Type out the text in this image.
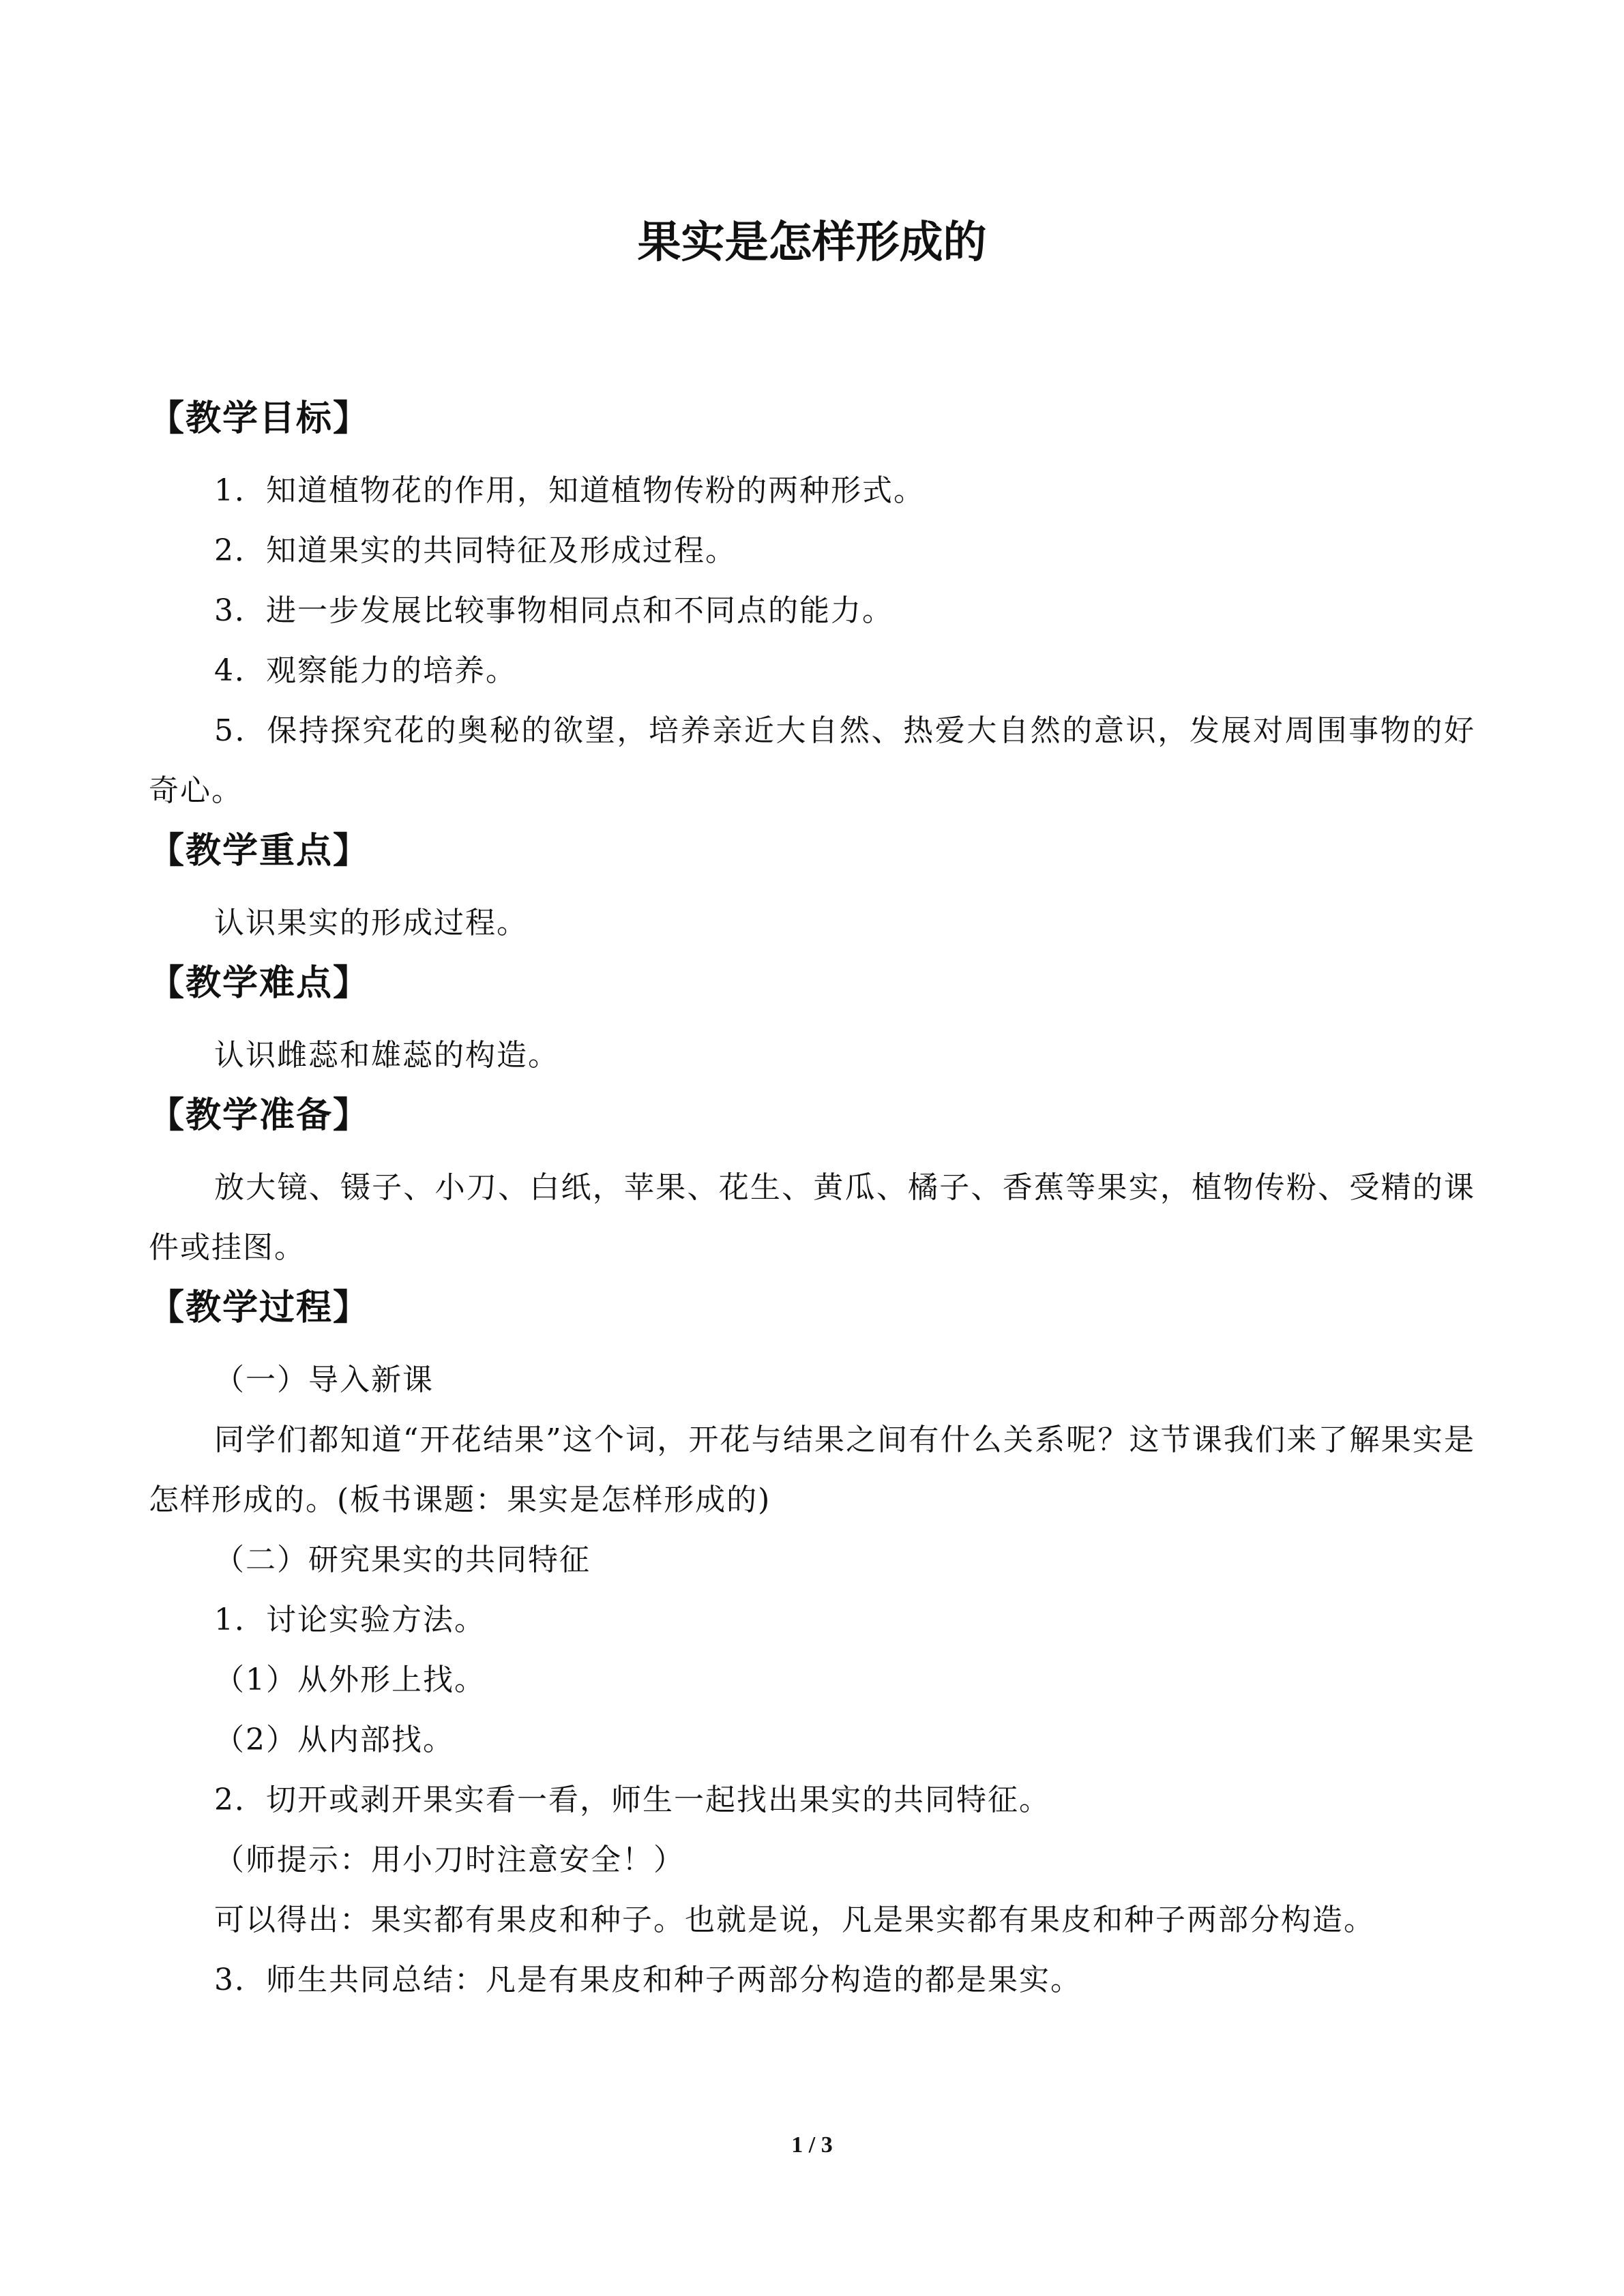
果实是怎样形成的
【教学目标】

1．知道植物花的作用，知道植物传粉的两种形式。

2．知道果实的共同特征及形成过程。

3．进一步发展比较事物相同点和不同点的能力。

4．观察能力的培养。

5．保持探究花的奥秘的欲望，培养亲近大自然、热爱大自然的意识，发展对周围事物的好奇心。

【教学重点】

认识果实的形成过程。

【教学难点】

认识雌蕊和雄蕊的构造。

【教学准备】

放大镜、镊子、小刀、白纸，苹果、花生、黄瓜、橘子、香蕉等果实，植物传粉、受精的课件或挂图。

【教学过程】

（一）导入新课

同学们都知道“开花结果”这个词，开花与结果之间有什么关系呢？这节课我们来了解果实是怎样形成的。(板书课题：果实是怎样形成的)

（二）研究果实的共同特征

1．讨论实验方法。

（1）从外形上找。

（2）从内部找。

2．切开或剥开果实看一看，师生一起找出果实的共同特征。

（师提示：用小刀时注意安全！）

可以得出：果实都有果皮和种子。也就是说，凡是果实都有果皮和种子两部分构造。

3．师生共同总结：凡是有果皮和种子两部分构造的都是果实。

1 / 3
